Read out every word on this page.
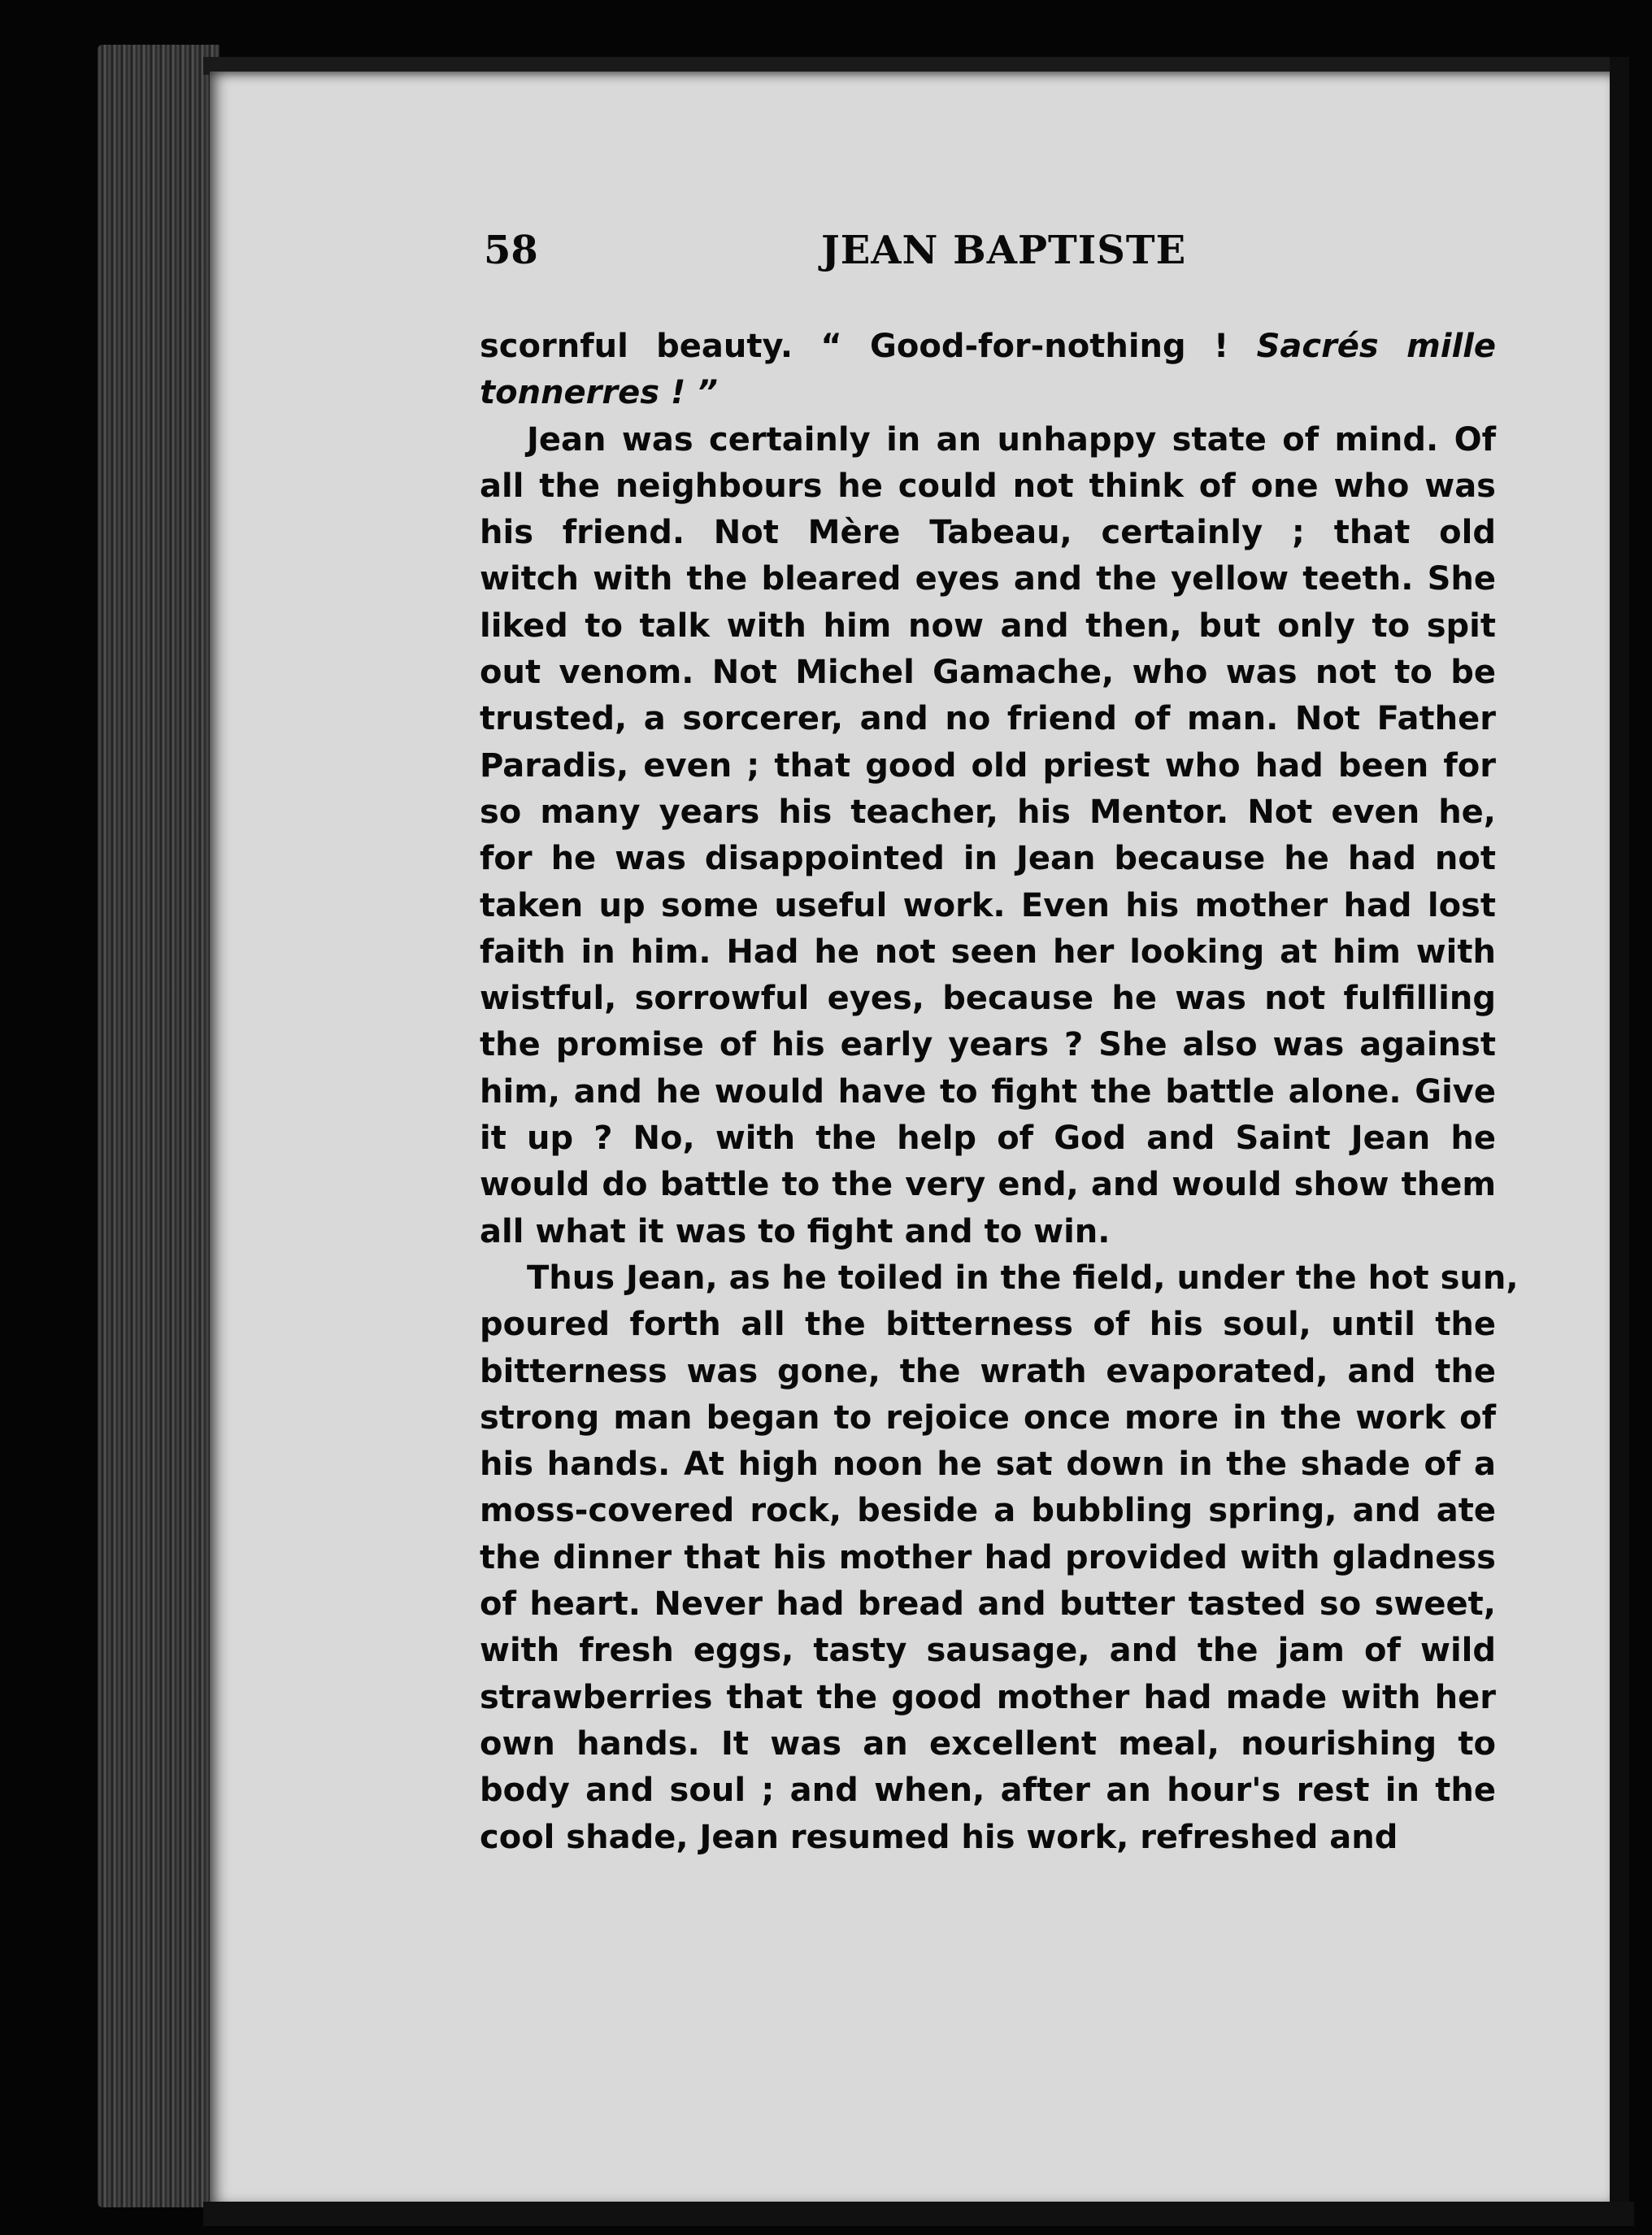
58	JEAN BAPTISTE
scornful beauty. “ Good-for-nothing ! Sacrés mille
tonnerres ! ”
Jean was certainly in an unhappy state of mind. Of
all the neighbours he could not think of one who was
his friend. Not Mère Tabeau, certainly ; that old
witch with the bleared eyes and the yellow teeth. She
liked to talk with him now and then, but only to spit
out venom. Not Michel Gamache, who was not to be
trusted, a sorcerer, and no friend of man. Not Father
Paradis, even ; that good old priest who had been for
so many years his teacher, his Mentor. Not even he,
for he was disappointed in Jean because he had not
taken up some useful work. Even his mother had lost
faith in him. Had he not seen her looking at him with
wistful, sorrowful eyes, because he was not fulfilling
the promise of his early years ? She also was against
him, and he would have to fight the battle alone. Give
it up ? No, with the help of God and Saint Jean he
would do battle to the very end, and would show them
all what it was to fight and to win.
Thus Jean, as he toiled in the field, under the hot sun,
poured forth all the bitterness of his soul, until the
bitterness was gone, the wrath evaporated, and the
strong man began to rejoice once more in the work of
his hands. At high noon he sat down in the shade of a
moss-covered rock, beside a bubbling spring, and ate
the dinner that his mother had provided with gladness
of heart. Never had bread and butter tasted so sweet,
with fresh eggs, tasty sausage, and the jam of wild
strawberries that the good mother had made with her
own hands. It was an excellent meal, nourishing to
body and soul ; and when, after an hour's rest in the
cool shade, Jean resumed his work, refreshed and
